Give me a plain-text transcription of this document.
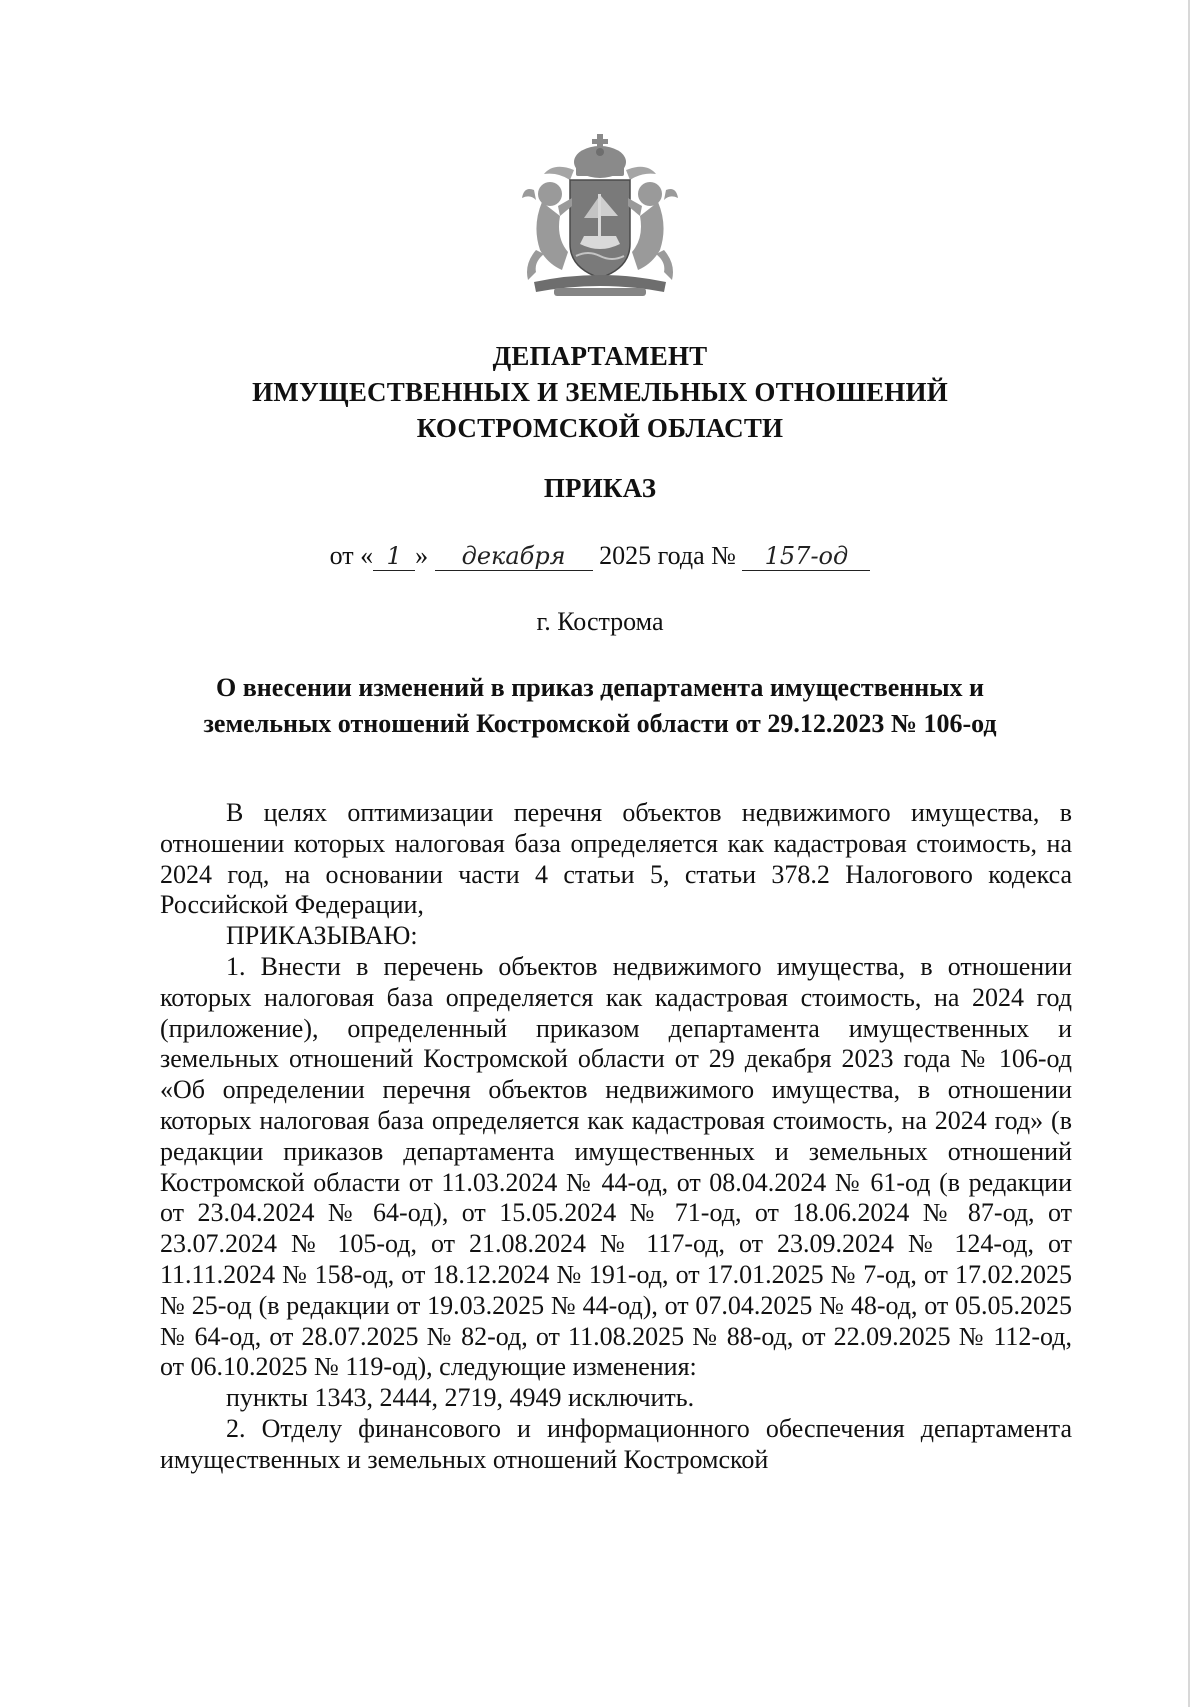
ДЕПАРТАМЕНТ
ИМУЩЕСТВЕННЫХ И ЗЕМЕЛЬНЫХ ОТНОШЕНИЙ
КОСТРОМСКОЙ ОБЛАСТИ
ПРИКАЗ
от « 1 » декабря 2025 года № 157-од
г. Кострома
О внесении изменений в приказ департамента имущественных и
земельных отношений Костромской области от 29.12.2023 № 106-од

В целях оптимизации перечня объектов недвижимого имущества, в отношении которых налоговая база определяется как кадастровая стоимость, на 2024 год, на основании части 4 статьи 5, статьи 378.2 Налогового кодекса Российской Федерации,

ПРИКАЗЫВАЮ:

1. Внести в перечень объектов недвижимого имущества, в отношении которых налоговая база определяется как кадастровая стоимость, на 2024 год (приложение), определенный приказом департамента имущественных и земельных отношений Костромской области от 29 декабря 2023 года № 106-од «Об определении перечня объектов недвижимого имущества, в отношении которых налоговая база определяется как кадастровая стоимость, на 2024 год» (в редакции приказов департамента имущественных и земельных отношений Костромской области от 11.03.2024 № 44-од, от 08.04.2024 № 61-од (в редакции от 23.04.2024 № 64-од), от 15.05.2024 № 71-од, от 18.06.2024 № 87-од, от 23.07.2024 № 105-од, от 21.08.2024 № 117-од, от 23.09.2024 № 124-од, от 11.11.2024 № 158-од, от 18.12.2024 № 191-од, от 17.01.2025 № 7-од, от 17.02.2025 № 25-од (в редакции от 19.03.2025 № 44-од), от 07.04.2025 № 48-од, от 05.05.2025 № 64-од, от 28.07.2025 № 82-од, от 11.08.2025 № 88-од, от 22.09.2025 № 112-од, от 06.10.2025 № 119-од), следующие изменения:

пункты 1343, 2444, 2719, 4949 исключить.

2. Отделу финансового и информационного обеспечения департамента имущественных и земельных отношений Костромской
